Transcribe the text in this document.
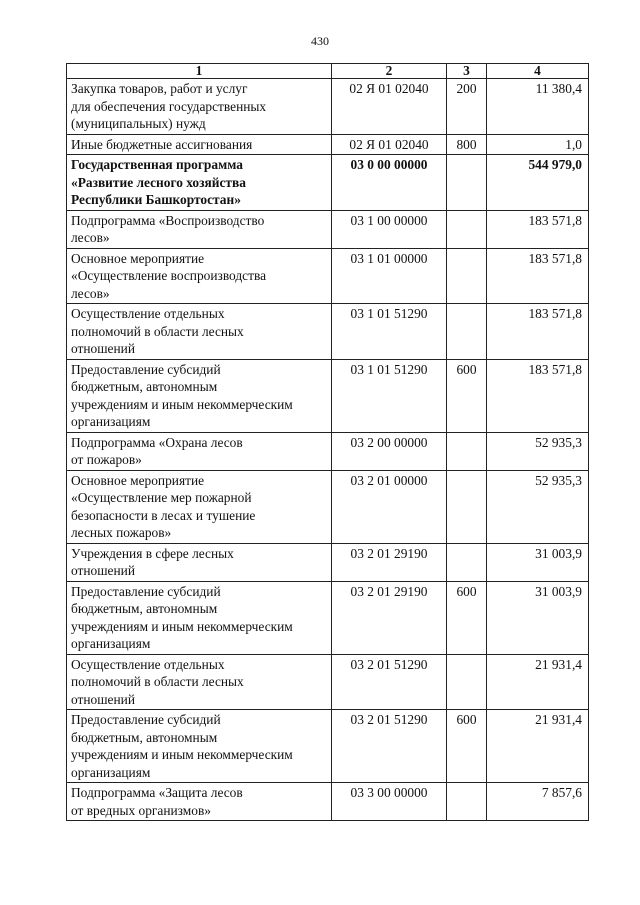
430
1	2	3	4
Закупка товаров, работ и услуг
для обеспечения государственных
(муниципальных) нужд	02 Я 01 02040	200	11 380,4
Иные бюджетные ассигнования	02 Я 01 02040	800	1,0
Государственная программа
«Развитие лесного хозяйства
Республики Башкортостан»	03 0 00 00000		544 979,0
Подпрограмма «Воспроизводство
лесов»	03 1 00 00000		183 571,8
Основное мероприятие
«Осуществление воспроизводства
лесов»	03 1 01 00000		183 571,8
Осуществление отдельных
полномочий в области лесных
отношений	03 1 01 51290		183 571,8
Предоставление субсидий
бюджетным, автономным
учреждениям и иным некоммерческим
организациям	03 1 01 51290	600	183 571,8
Подпрограмма «Охрана лесов
от пожаров»	03 2 00 00000		52 935,3
Основное мероприятие
«Осуществление мер пожарной
безопасности в лесах и тушение
лесных пожаров»	03 2 01 00000		52 935,3
Учреждения в сфере лесных
отношений	03 2 01 29190		31 003,9
Предоставление субсидий
бюджетным, автономным
учреждениям и иным некоммерческим
организациям	03 2 01 29190	600	31 003,9
Осуществление отдельных
полномочий в области лесных
отношений	03 2 01 51290		21 931,4
Предоставление субсидий
бюджетным, автономным
учреждениям и иным некоммерческим
организациям	03 2 01 51290	600	21 931,4
Подпрограмма «Защита лесов
от вредных организмов»	03 3 00 00000		7 857,6
